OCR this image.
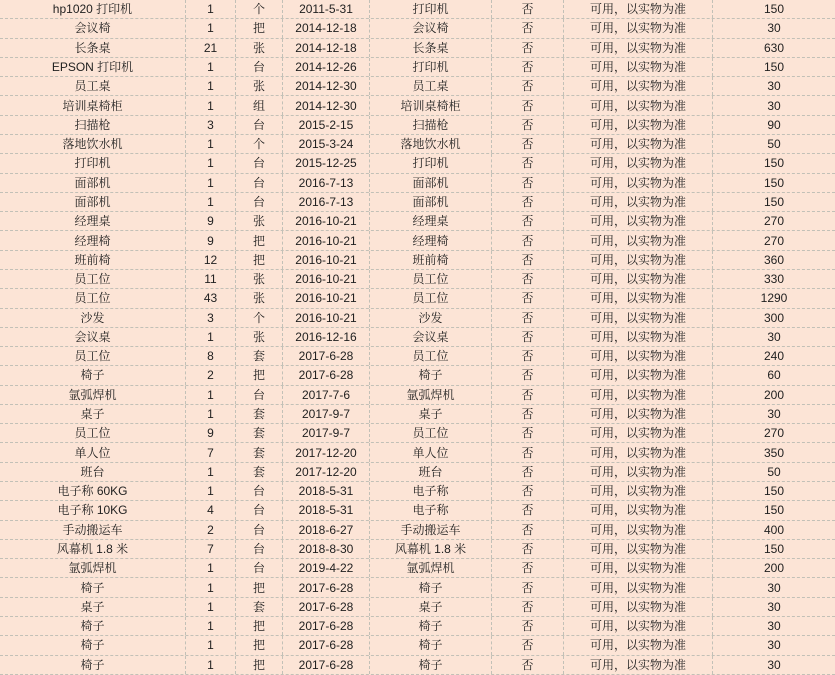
hp1020 打印机	1	个	2011-5-31	打印机	否	可用，以实物为准	150
会议椅	1	把	2014-12-18	会议椅	否	可用，以实物为准	30
长条桌	21	张	2014-12-18	长条桌	否	可用，以实物为准	630
EPSON 打印机	1	台	2014-12-26	打印机	否	可用，以实物为准	150
员工桌	1	张	2014-12-30	员工桌	否	可用，以实物为准	30
培训桌椅柜	1	组	2014-12-30	培训桌椅柜	否	可用，以实物为准	30
扫描枪	3	台	2015-2-15	扫描枪	否	可用，以实物为准	90
落地饮水机	1	个	2015-3-24	落地饮水机	否	可用，以实物为准	50
打印机	1	台	2015-12-25	打印机	否	可用，以实物为准	150
面部机	1	台	2016-7-13	面部机	否	可用，以实物为准	150
面部机	1	台	2016-7-13	面部机	否	可用，以实物为准	150
经理桌	9	张	2016-10-21	经理桌	否	可用，以实物为准	270
经理椅	9	把	2016-10-21	经理椅	否	可用，以实物为准	270
班前椅	12	把	2016-10-21	班前椅	否	可用，以实物为准	360
员工位	11	张	2016-10-21	员工位	否	可用，以实物为准	330
员工位	43	张	2016-10-21	员工位	否	可用，以实物为准	1290
沙发	3	个	2016-10-21	沙发	否	可用，以实物为准	300
会议桌	1	张	2016-12-16	会议桌	否	可用，以实物为准	30
员工位	8	套	2017-6-28	员工位	否	可用，以实物为准	240
椅子	2	把	2017-6-28	椅子	否	可用，以实物为准	60
氩弧焊机	1	台	2017-7-6	氩弧焊机	否	可用，以实物为准	200
桌子	1	套	2017-9-7	桌子	否	可用，以实物为准	30
员工位	9	套	2017-9-7	员工位	否	可用，以实物为准	270
单人位	7	套	2017-12-20	单人位	否	可用，以实物为准	350
班台	1	套	2017-12-20	班台	否	可用，以实物为准	50
电子称 60KG	1	台	2018-5-31	电子称	否	可用，以实物为准	150
电子称 10KG	4	台	2018-5-31	电子称	否	可用，以实物为准	150
手动搬运车	2	台	2018-6-27	手动搬运车	否	可用，以实物为准	400
风幕机 1.8 米	7	台	2018-8-30	风幕机 1.8 米	否	可用，以实物为准	150
氩弧焊机	1	台	2019-4-22	氩弧焊机	否	可用，以实物为准	200
椅子	1	把	2017-6-28	椅子	否	可用，以实物为准	30
桌子	1	套	2017-6-28	桌子	否	可用，以实物为准	30
椅子	1	把	2017-6-28	椅子	否	可用，以实物为准	30
椅子	1	把	2017-6-28	椅子	否	可用，以实物为准	30
椅子	1	把	2017-6-28	椅子	否	可用，以实物为准	30
